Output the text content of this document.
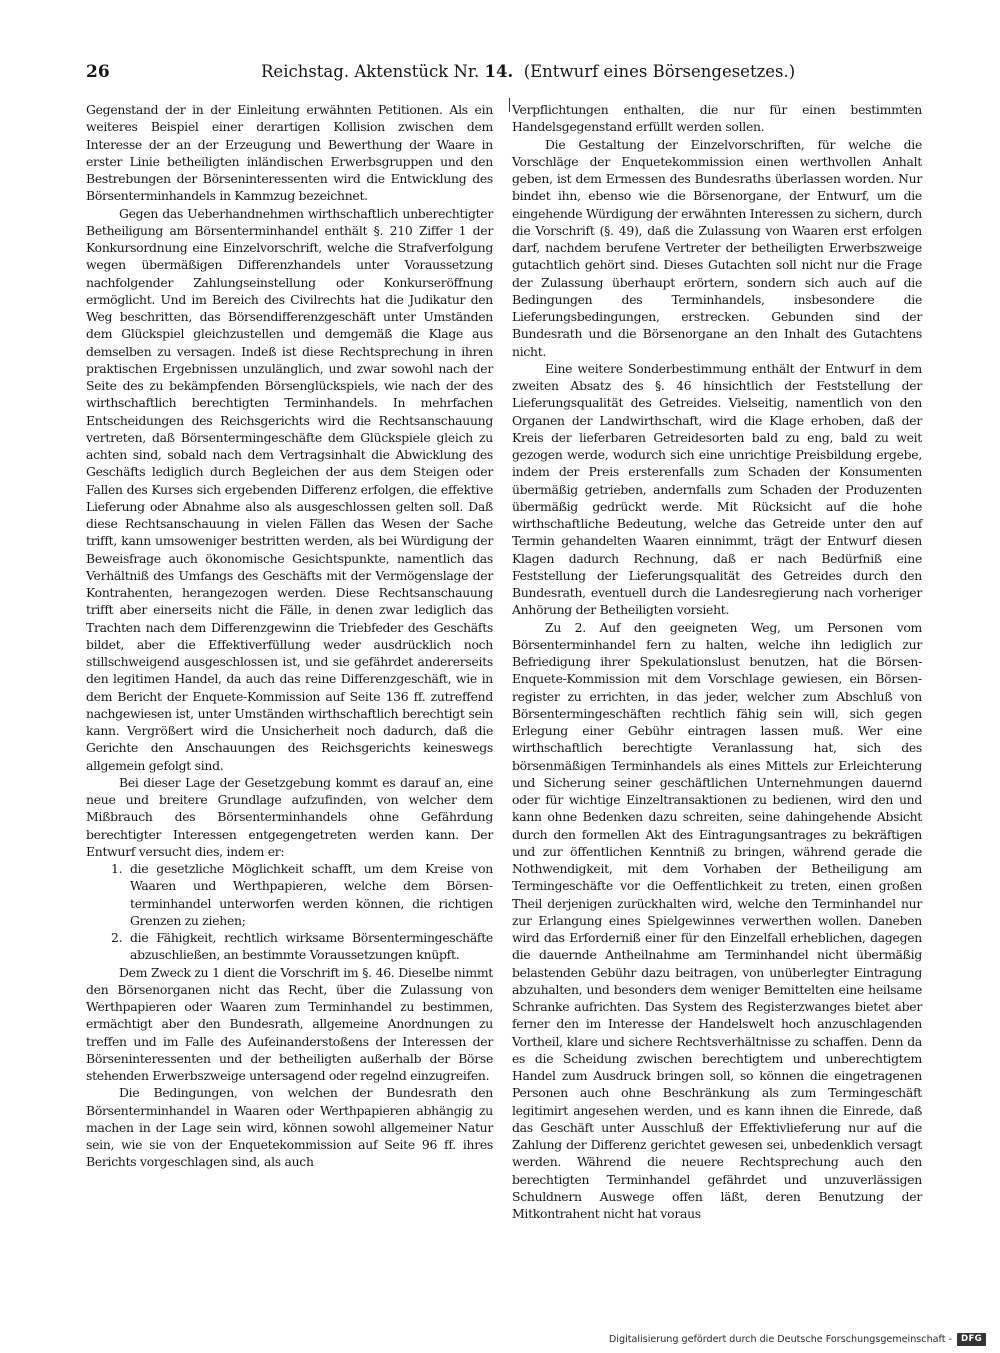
26	Reichstag. Aktenstück Nr. 14. (Entwurf eines Börsengesetzes.)

Gegenstand der in der Einleitung erwähnten Petitionen. Als ein weiteres Beispiel einer derartigen Kollision zwischen dem Interesse der an der Erzeugung und Bewerthung der Waare in erster Linie betheiligten inländischen Erwerbsgruppen und den Bestrebungen der Börseninteressenten wird die Entwicklung des Börsenterminhandels in Kammzug bezeichnet.

Gegen das Ueberhandnehmen wirthschaftlich unberechtigter Betheiligung am Börsenterminhandel enthält §. 210 Ziffer 1 der Konkursordnung eine Einzelvorschrift, welche die Strafverfolgung wegen übermäßigen Differenzhandels unter Voraussetzung nachfolgender Zahlungseinstellung oder Konkurseröffnung ermöglicht. Und im Bereich des Civilrechts hat die Judikatur den Weg beschritten, das Börsendifferenzgeschäft unter Umständen dem Glückspiel gleichzustellen und demgemäß die Klage aus demselben zu versagen. Indeß ist diese Rechtsprechung in ihren praktischen Ergebnissen unzulänglich, und zwar sowohl nach der Seite des zu bekämpfenden Börsenglückspiels, wie nach der des wirthschaftlich berechtigten Terminhandels. In mehrfachen Entscheidungen des Reichsgerichts wird die Rechtsanschauung vertreten, daß Börsentermingeschäfte dem Glückspiele gleich zu achten sind, sobald nach dem Vertragsinhalt die Abwicklung des Geschäfts lediglich durch Begleichen der aus dem Steigen oder Fallen des Kurses sich ergebenden Differenz erfolgen, die effektive Lieferung oder Abnahme also als ausgeschlossen gelten soll. Daß diese Rechtsanschauung in vielen Fällen das Wesen der Sache trifft, kann umsoweniger bestritten werden, als bei Würdigung der Beweisfrage auch ökonomische Gesichtspunkte, namentlich das Verhältniß des Umfangs des Geschäfts mit der Vermögenslage der Kontrahenten, herangezogen werden. Diese Rechtsanschauung trifft aber einerseits nicht die Fälle, in denen zwar lediglich das Trachten nach dem Differenzgewinn die Triebfeder des Geschäfts bildet, aber die Effektiverfüllung weder ausdrücklich noch stillschweigend ausgeschlossen ist, und sie gefährdet andererseits den legitimen Handel, da auch das reine Differenzgeschäft, wie in dem Bericht der Enquete-Kommission auf Seite 136 ff. zutreffend nachgewiesen ist, unter Umständen wirthschaftlich berechtigt sein kann. Vergrößert wird die Unsicherheit noch dadurch, daß die Gerichte den Anschauungen des Reichsgerichts keineswegs allgemein gefolgt sind.

Bei dieser Lage der Gesetzgebung kommt es darauf an, eine neue und breitere Grundlage aufzufinden, von welcher dem Mißbrauch des Börsenterminhandels ohne Gefährdung berechtigter Interessen entgegengetreten werden kann. Der Entwurf versucht dies, indem er:

1. die gesetzliche Möglichkeit schafft, um dem Kreise von Waaren und Werthpapieren, welche dem Börsenterminhandel unterworfen werden können, die richtigen Grenzen zu ziehen;
2. die Fähigkeit, rechtlich wirksame Börsentermingeschäfte abzuschließen, an bestimmte Voraussetzungen knüpft.

Dem Zweck zu 1 dient die Vorschrift im §. 46. Dieselbe nimmt den Börsenorganen nicht das Recht, über die Zulassung von Werthpapieren oder Waaren zum Terminhandel zu bestimmen, ermächtigt aber den Bundesrath, allgemeine Anordnungen zu treffen und im Falle des Aufeinanderstoßens der Interessen der Börseninteressenten und der betheiligten außerhalb der Börse stehenden Erwerbszweige untersagend oder regelnd einzugreifen.

Die Bedingungen, von welchen der Bundesrath den Börsenterminhandel in Waaren oder Werthpapieren abhängig zu machen in der Lage sein wird, können sowohl allgemeiner Natur sein, wie sie von der Enquetekommission auf Seite 96 ff. ihres Berichts vorgeschlagen sind, als auch

Verpflichtungen enthalten, die nur für einen bestimmten Handelsgegenstand erfüllt werden sollen.

Die Gestaltung der Einzelvorschriften, für welche die Vorschläge der Enquetekommission einen werthvollen Anhalt geben, ist dem Ermessen des Bundesraths überlassen worden. Nur bindet ihn, ebenso wie die Börsenorgane, der Entwurf, um die eingehende Würdigung der erwähnten Interessen zu sichern, durch die Vorschrift (§. 49), daß die Zulassung von Waaren erst erfolgen darf, nachdem berufene Vertreter der betheiligten Erwerbszweige gutachtlich gehört sind. Dieses Gutachten soll nicht nur die Frage der Zulassung überhaupt erörtern, sondern sich auch auf die Bedingungen des Terminhandels, insbesondere die Lieferungsbedingungen, erstrecken. Gebunden sind der Bundesrath und die Börsenorgane an den Inhalt des Gutachtens nicht.

Eine weitere Sonderbestimmung enthält der Entwurf in dem zweiten Absatz des §. 46 hinsichtlich der Feststellung der Lieferungsqualität des Getreides. Vielseitig, namentlich von den Organen der Landwirthschaft, wird die Klage erhoben, daß der Kreis der lieferbaren Getreidesorten bald zu eng, bald zu weit gezogen werde, wodurch sich eine unrichtige Preisbildung ergebe, indem der Preis ersterenfalls zum Schaden der Konsumenten übermäßig getrieben, andernfalls zum Schaden der Produzenten übermäßig gedrückt werde. Mit Rücksicht auf die hohe wirthschaftliche Bedeutung, welche das Getreide unter den auf Termin gehandelten Waaren einnimmt, trägt der Entwurf diesen Klagen dadurch Rechnung, daß er nach Bedürfniß eine Feststellung der Lieferungsqualität des Getreides durch den Bundesrath, eventuell durch die Landesregierung nach vorheriger Anhörung der Betheiligten vorsieht.

Zu 2. Auf den geeigneten Weg, um Personen vom Börsenterminhandel fern zu halten, welche ihn lediglich zur Befriedigung ihrer Spekulationslust benutzen, hat die Börsen-Enquete-Kommission mit dem Vorschlage gewiesen, ein Börsenregister zu errichten, in das jeder, welcher zum Abschluß von Börsentermingeschäften rechtlich fähig sein will, sich gegen Erlegung einer Gebühr eintragen lassen muß. Wer eine wirthschaftlich berechtigte Veranlassung hat, sich des börsenmäßigen Terminhandels als eines Mittels zur Erleichterung und Sicherung seiner geschäftlichen Unternehmungen dauernd oder für wichtige Einzeltransaktionen zu bedienen, wird den und kann ohne Bedenken dazu schreiten, seine dahingehende Absicht durch den formellen Akt des Eintragungsantrages zu bekräftigen und zur öffentlichen Kenntniß zu bringen, während gerade die Nothwendigkeit, mit dem Vorhaben der Betheiligung am Termingeschäfte vor die Oeffentlichkeit zu treten, einen großen Theil derjenigen zurückhalten wird, welche den Terminhandel nur zur Erlangung eines Spielgewinnes verwerthen wollen. Daneben wird das Erforderniß einer für den Einzelfall erheblichen, dagegen die dauernde Antheilnahme am Terminhandel nicht übermäßig belastenden Gebühr dazu beitragen, von unüberlegter Eintragung abzuhalten, und besonders dem weniger Bemittelten eine heilsame Schranke aufrichten. Das System des Registerzwanges bietet aber ferner den im Interesse der Handelswelt hoch anzuschlagenden Vortheil, klare und sichere Rechtsverhältnisse zu schaffen. Denn da es die Scheidung zwischen berechtigtem und unberechtigtem Handel zum Ausdruck bringen soll, so können die eingetragenen Personen auch ohne Beschränkung als zum Termingeschäft legitimirt angesehen werden, und es kann ihnen die Einrede, daß das Geschäft unter Ausschluß der Effektivlieferung nur auf die Zahlung der Differenz gerichtet gewesen sei, unbedenklich versagt werden. Während die neuere Rechtsprechung auch den berechtigten Terminhandel gefährdet und unzuverlässigen Schuldnern Auswege offen läßt, deren Benutzung der Mitkontrahent nicht hat voraus

Digitalisierung gefördert durch die Deutsche Forschungsgemeinschaft -	DFG
